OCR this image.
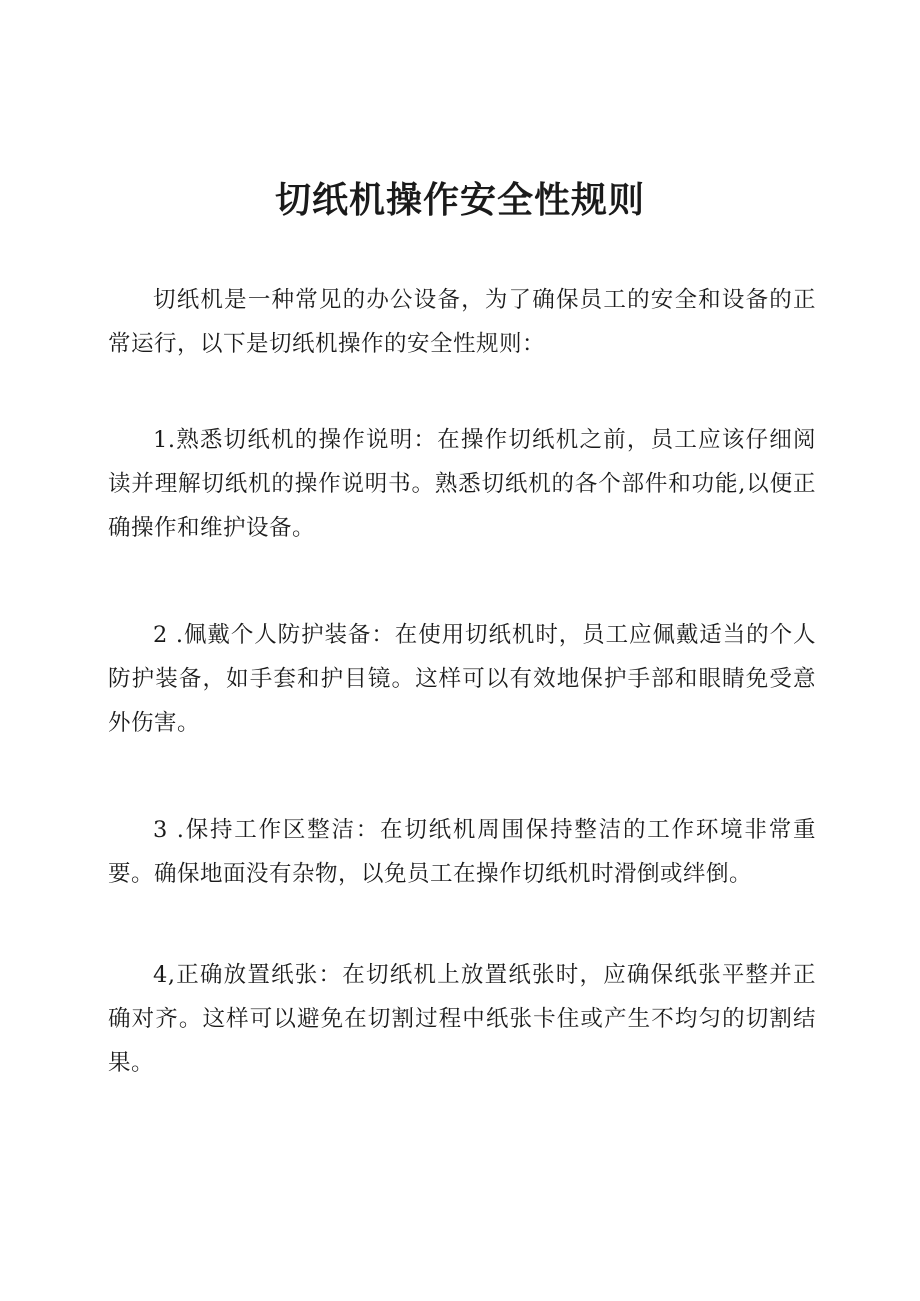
切纸机操作安全性规则

切纸机是一种常见的办公设备，为了确保员工的安全和设备的正常运行，以下是切纸机操作的安全性规则：

1.熟悉切纸机的操作说明：在操作切纸机之前，员工应该仔细阅读并理解切纸机的操作说明书。熟悉切纸机的各个部件和功能,以便正确操作和维护设备。

2 .佩戴个人防护装备：在使用切纸机时，员工应佩戴适当的个人防护装备，如手套和护目镜。这样可以有效地保护手部和眼睛免受意外伤害。

3 .保持工作区整洁：在切纸机周围保持整洁的工作环境非常重要。确保地面没有杂物，以免员工在操作切纸机时滑倒或绊倒。

4,正确放置纸张：在切纸机上放置纸张时，应确保纸张平整并正确对齐。这样可以避免在切割过程中纸张卡住或产生不均匀的切割结果。
